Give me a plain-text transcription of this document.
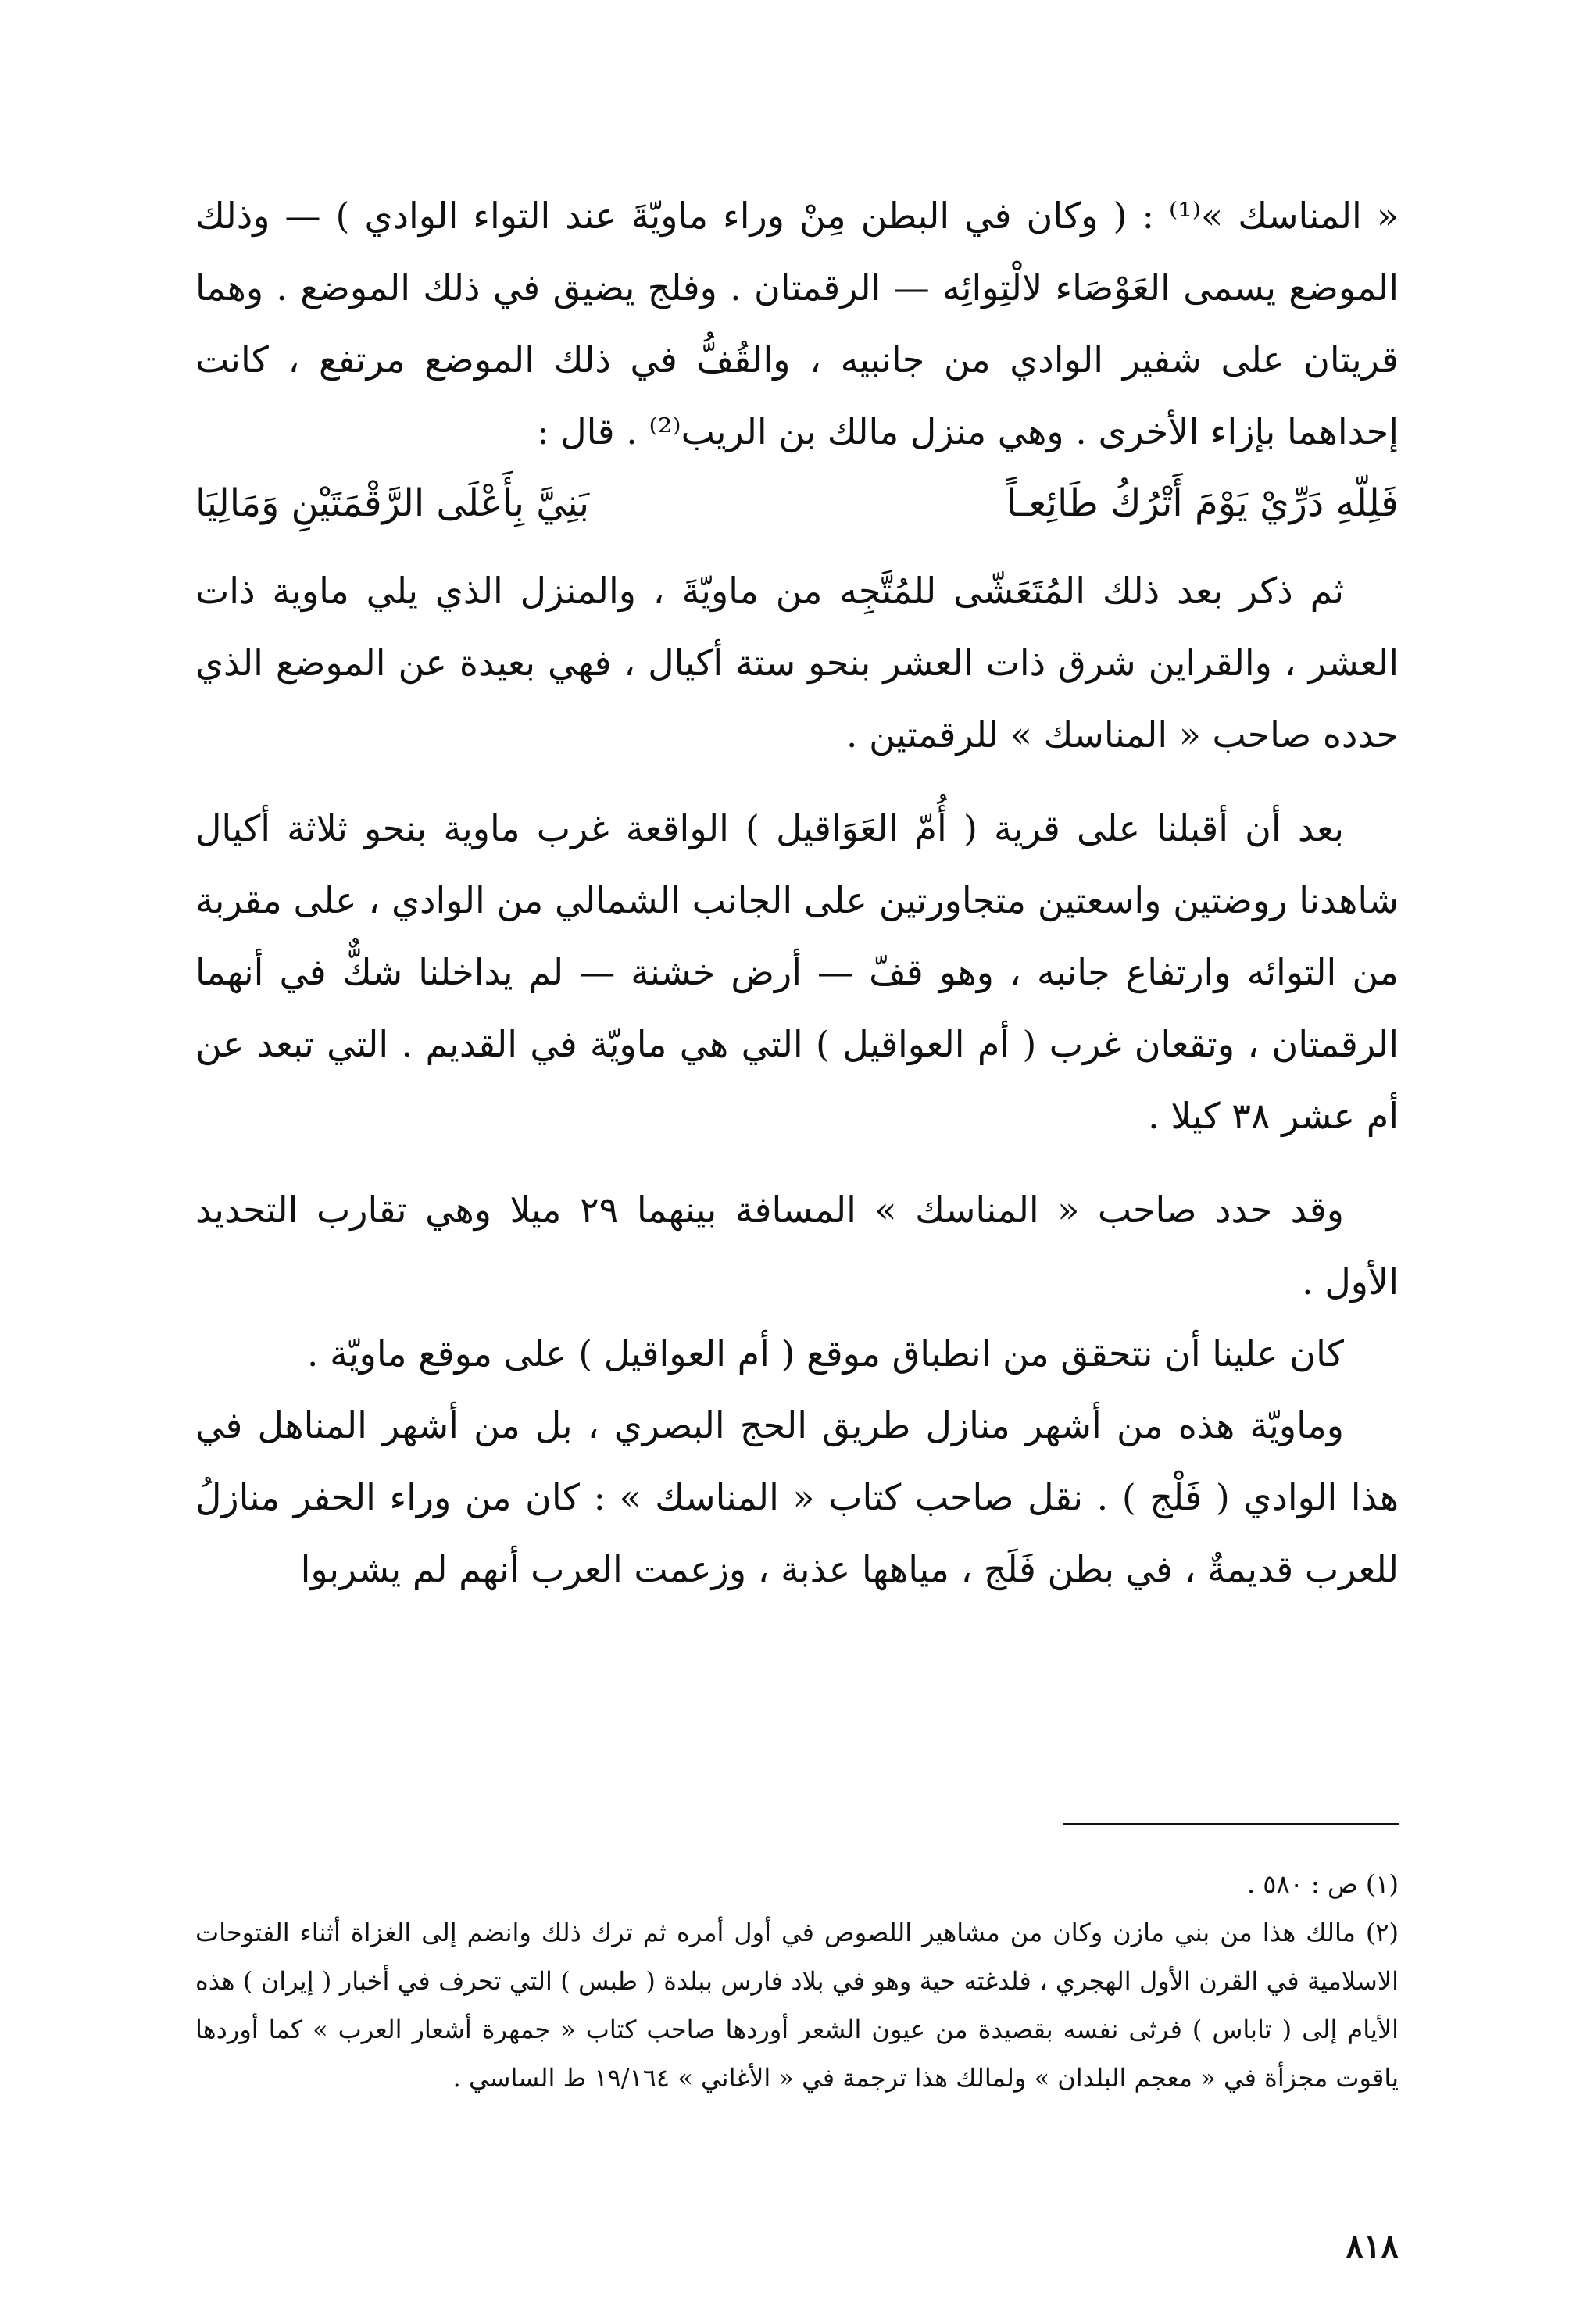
« المناسك »⁽¹⁾ : ( وكان في البطن مِنْ وراء ماويّةَ عند التواء الوادي ) — وذلك الموضع يسمى العَوْصَاء لالْتِوائِه — الرقمتان . وفلج يضيق في ذلك الموضع . وهما قريتان على شفير الوادي من جانبيه ، والقُفُّ في ذلك الموضع مرتفع ، كانت إحداهما بإزاء الأخرى . وهي منزل مالك بن الريب⁽²⁾ . قال :

فَلِلّهِ دَرِّيْ يَوْمَ أَتْرُكُ طَائِعـاً
بَنِيَّ بِأَعْلَى الرَّقْمَتَيْنِ وَمَالِيَا

ثم ذكر بعد ذلك المُتَعَشّى للمُتَّجِه من ماويّةَ ، والمنزل الذي يلي ماوية ذات العشر ، والقراين شرق ذات العشر بنحو ستة أكيال ، فهي بعيدة عن الموضع الذي حدده صاحب « المناسك » للرقمتين .

بعد أن أقبلنا على قرية ( أُمّ العَوَاقيل ) الواقعة غرب ماوية بنحو ثلاثة أكيال شاهدنا روضتين واسعتين متجاورتين على الجانب الشمالي من الوادي ، على مقربة من التوائه وارتفاع جانبه ، وهو قفّ — أرض خشنة — لم يداخلنا شكٌّ في أنهما الرقمتان ، وتقعان غرب ( أم العواقيل ) التي هي ماويّة في القديم . التي تبعد عن أم عشر ٣٨ كيلا .

وقد حدد صاحب « المناسك » المسافة بينهما ٢٩ ميلا وهي تقارب التحديد الأول .

كان علينا أن نتحقق من انطباق موقع ( أم العواقيل ) على موقع ماويّة .

وماويّة هذه من أشهر منازل طريق الحج البصري ، بل من أشهر المناهل في هذا الوادي ( فَلْج ) . نقل صاحب كتاب « المناسك » : كان من وراء الحفر منازلُ للعرب قديمةٌ ، في بطن فَلَج ، مياهها عذبة ، وزعمت العرب أنهم لم يشربوا

(١) ص : ٥٨٠ .

(٢) مالك هذا من بني مازن وكان من مشاهير اللصوص في أول أمره ثم ترك ذلك وانضم إلى الغزاة أثناء الفتوحات الاسلامية في القرن الأول الهجري ، فلدغته حية وهو في بلاد فارس ببلدة ( طبس ) التي تحرف في أخبار ( إيران ) هذه الأيام إلى ( تاباس ) فرثى نفسه بقصيدة من عيون الشعر أوردها صاحب كتاب « جمهرة أشعار العرب » كما أوردها ياقوت مجزأة في « معجم البلدان » ولمالك هذا ترجمة في « الأغاني » ١٩/١٦٤ ط الساسي .

٨١٨
